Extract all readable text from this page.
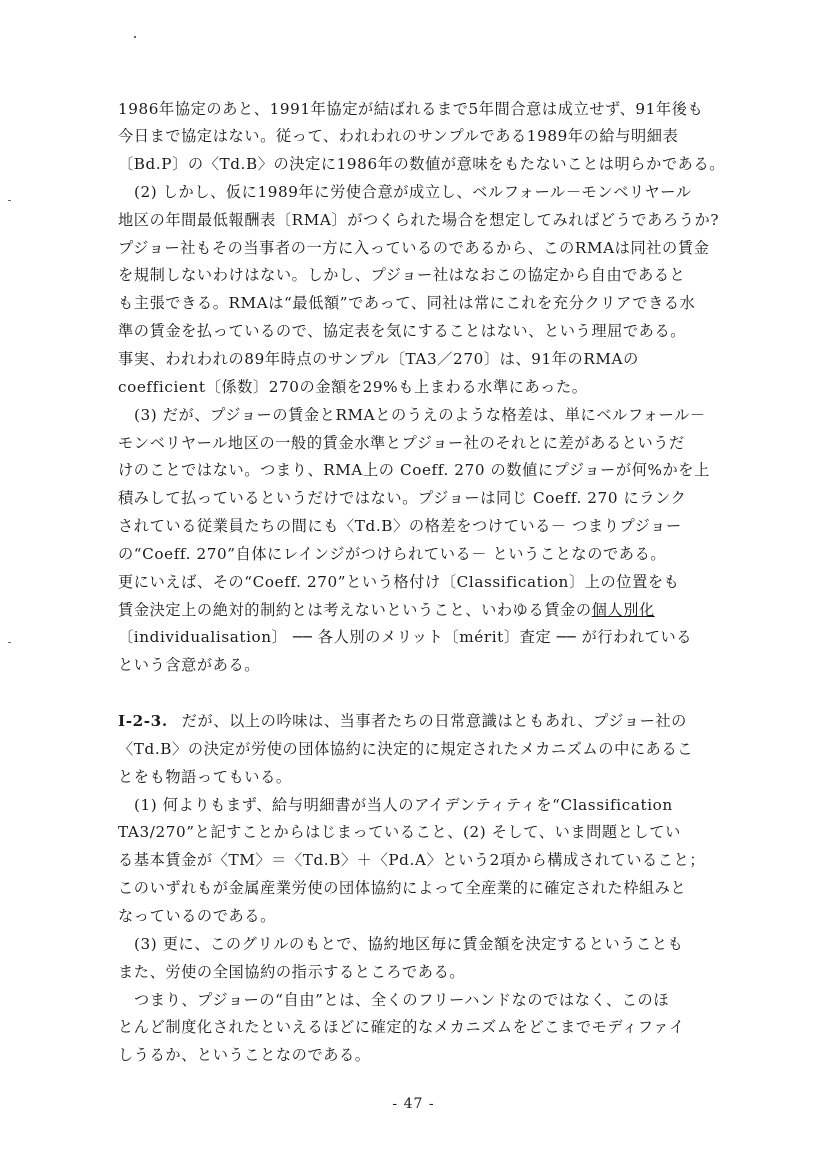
1986年協定のあと、1991年協定が結ばれるまで5年間合意は成立せず、91年後も
今日まで協定はない。従って、われわれのサンプルである1989年の給与明細表
〔Bd.P〕の〈Td.B〉の決定に1986年の数値が意味をもたないことは明らかである。
(2) しかし、仮に1989年に労使合意が成立し、ベルフォール－モンベリヤール
地区の年間最低報酬表〔RMA〕がつくられた場合を想定してみればどうであろうか?
プジョー社もその当事者の一方に入っているのであるから、このRMAは同社の賃金
を規制しないわけはない。しかし、プジョー社はなおこの協定から自由であると
も主張できる。RMAは“最低額”であって、同社は常にこれを充分クリアできる水
準の賃金を払っているので、協定表を気にすることはない、という理屈である。
事実、われわれの89年時点のサンプル〔TA3／270〕は、91年のRMAの
coefficient〔係数〕270の金額を29%も上まわる水準にあった。
(3) だが、プジョーの賃金とRMAとのうえのような格差は、単にベルフォール－
モンベリヤール地区の一般的賃金水準とプジョー社のそれとに差があるというだ
けのことではない。つまり、RMA上の Coeff. 270 の数値にプジョーが何%かを上
積みして払っているというだけではない。プジョーは同じ Coeff. 270 にランク
されている従業員たちの間にも〈Td.B〉の格差をつけている－ つまりプジョー
の“Coeff. 270”自体にレインジがつけられている－ ということなのである。
更にいえば、その“Coeff. 270”という格付け〔Classification〕上の位置をも
賃金決定上の絶対的制約とは考えないということ、いわゆる賃金の個人別化
〔individualisation〕 ── 各人別のメリット〔mérit〕査定 ── が行われている
という含意がある。
Ⅰ-2-3. だが、以上の吟味は、当事者たちの日常意識はともあれ、プジョー社の
〈Td.B〉の決定が労使の団体協約に決定的に規定されたメカニズムの中にあるこ
とをも物語ってもいる。
(1) 何よりもまず、給与明細書が当人のアイデンティティを“Classification
TA3/270”と記すことからはじまっていること、(2) そして、いま問題としてい
る基本賃金が〈TM〉＝〈Td.B〉＋〈Pd.A〉という2項から構成されていること；
このいずれもが金属産業労使の団体協約によって全産業的に確定された枠組みと
なっているのである。
(3) 更に、このグリルのもとで、協約地区毎に賃金額を決定するということも
また、労使の全国協約の指示するところである。
つまり、プジョーの“自由”とは、全くのフリーハンドなのではなく、このほ
とんど制度化されたといえるほどに確定的なメカニズムをどこまでモディファイ
しうるか、ということなのである。
- 47 -
